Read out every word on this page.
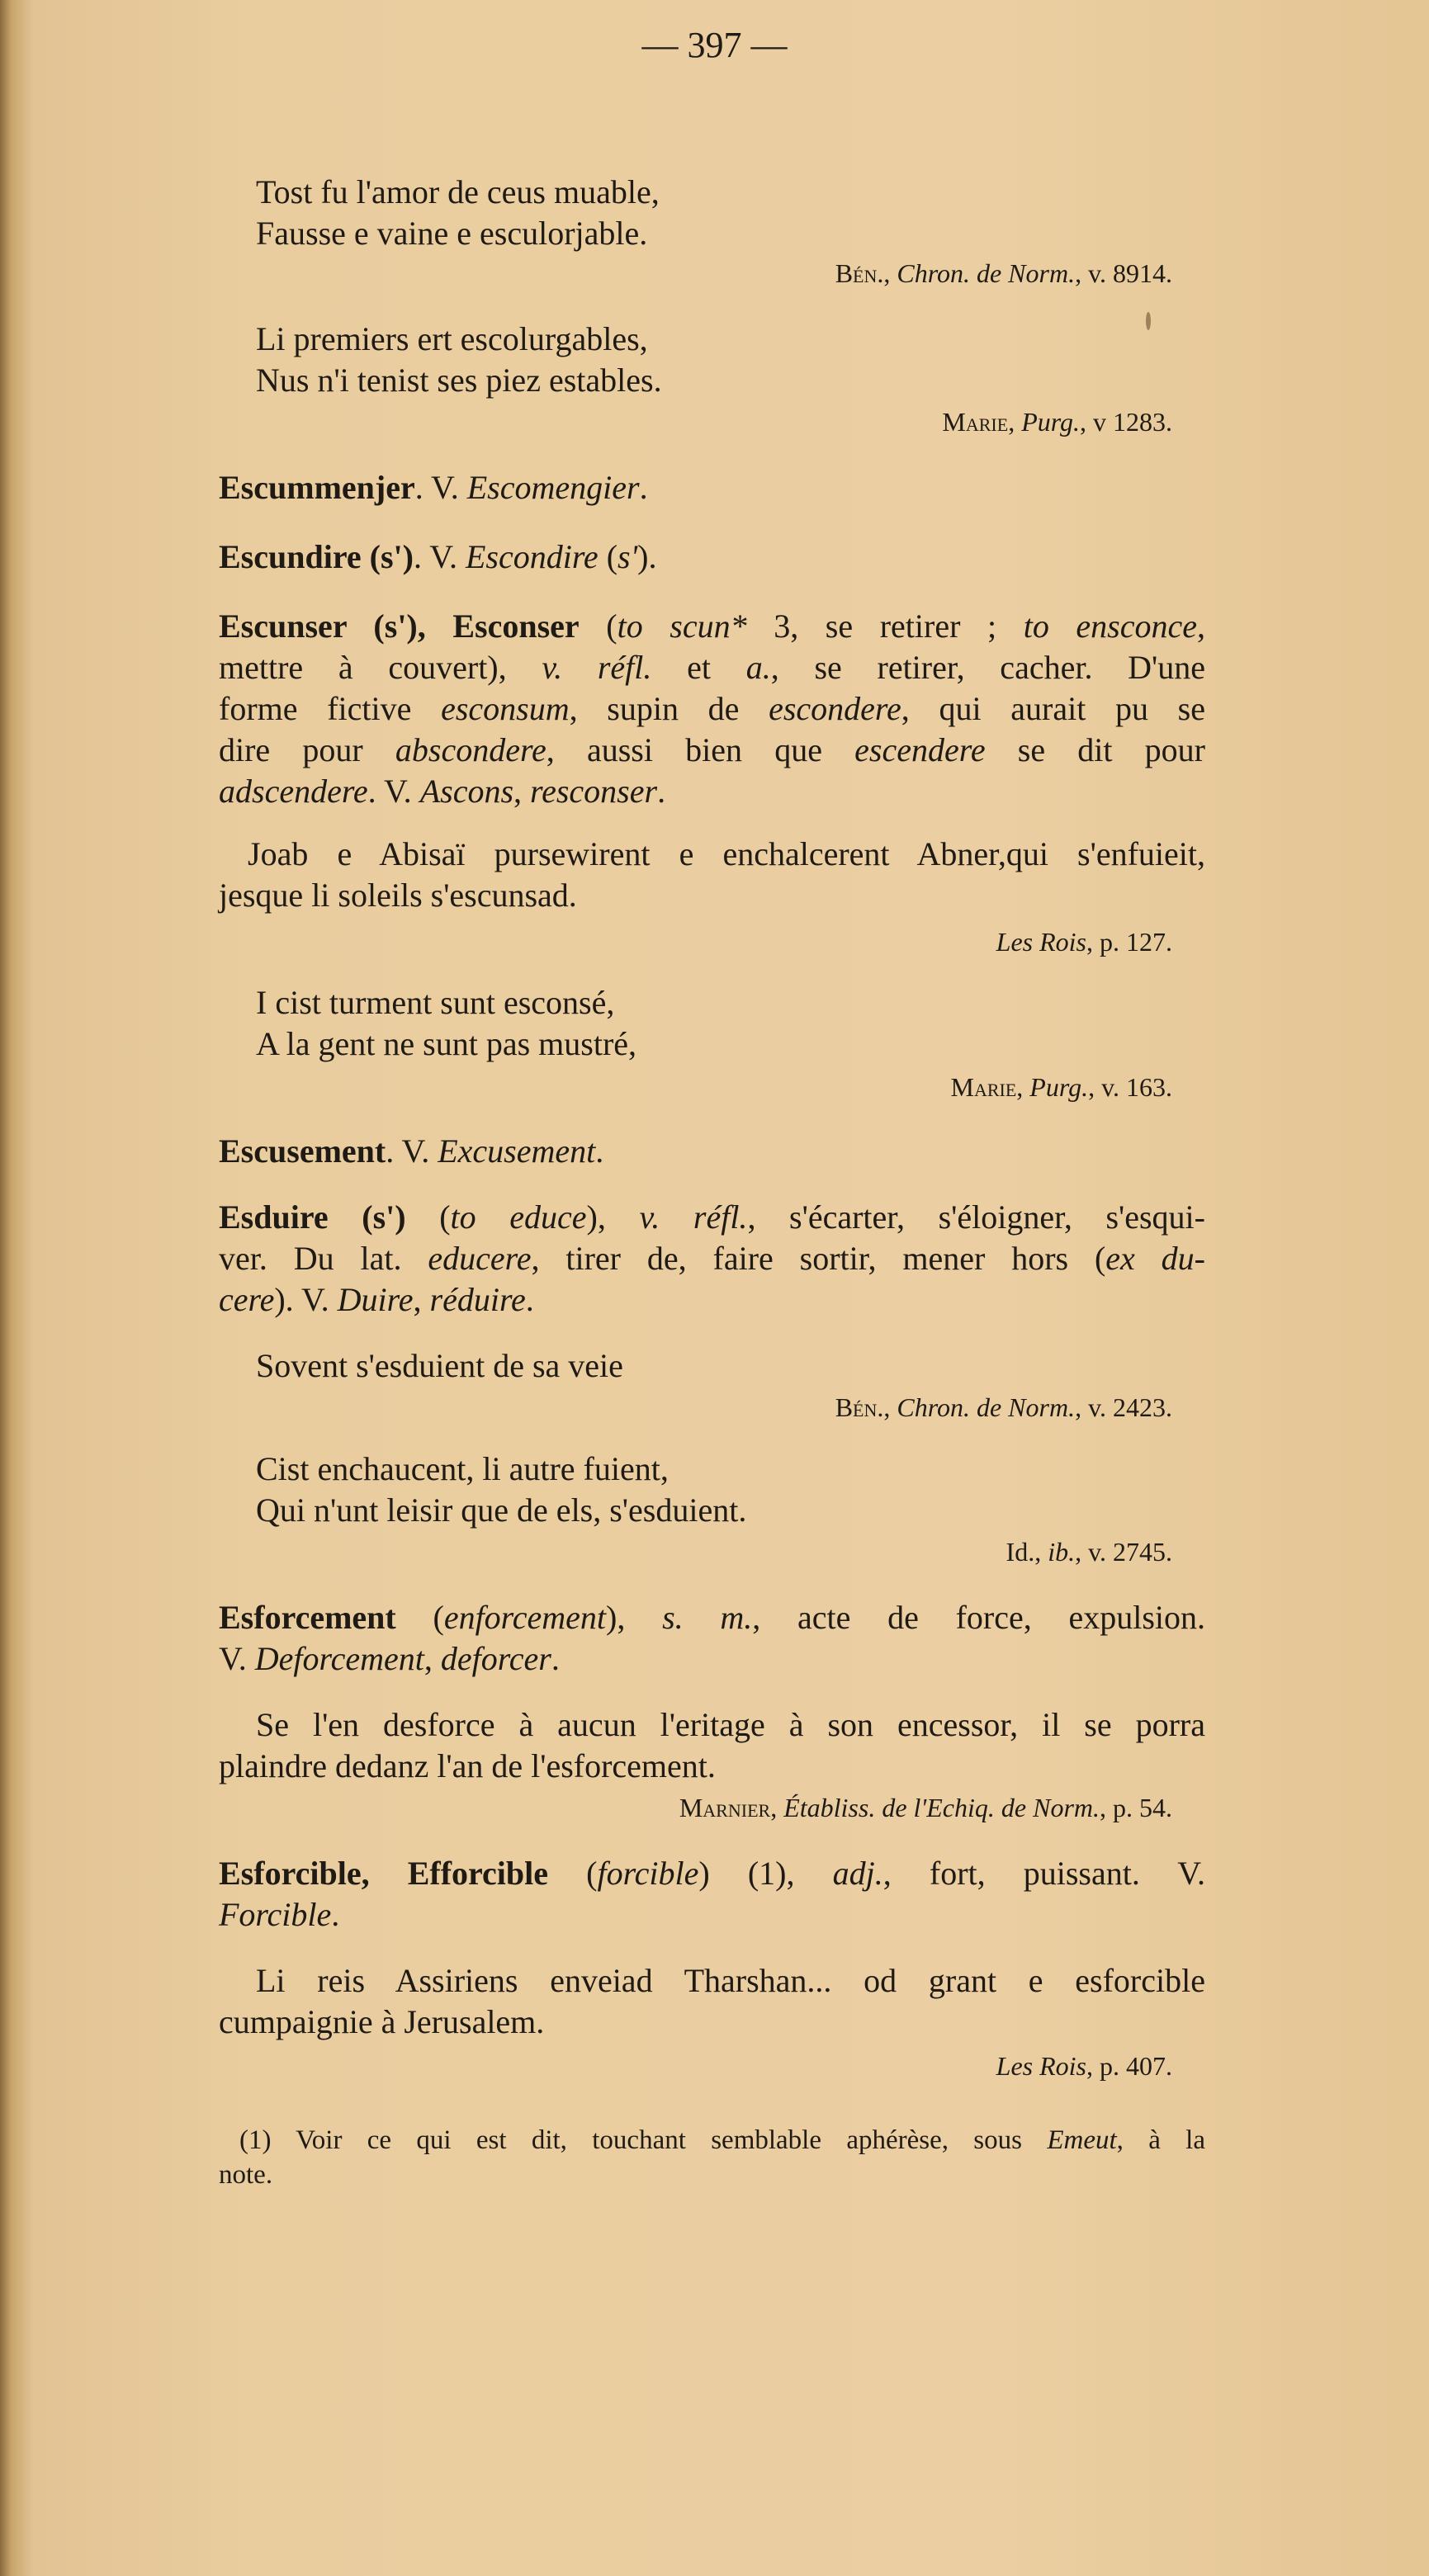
— 397 —
Tost fu l'amor de ceus muable,
Fausse e vaine e esculorjable.
Bén., Chron. de Norm., v. 8914.
Li premiers ert escolurgables,
Nus n'i tenist ses piez estables.
Marie, Purg., v 1283.
Escummenjer. V. Escomengier.
Escundire (s'). V. Escondire (s').
Escunser (s'), Esconser (to scun* 3, se retirer ; to ensconce,
mettre à couvert), v. réfl. et a., se retirer, cacher. D'une
forme fictive esconsum, supin de escondere, qui aurait pu se
dire pour abscondere, aussi bien que escendere se dit pour
adscendere. V. Ascons, resconser.
Joab e Abisaï pursewirent e enchalcerent Abner,qui s'enfuieit,
jesque li soleils s'escunsad.
Les Rois, p. 127.
I cist turment sunt esconsé,
A la gent ne sunt pas mustré,
Marie, Purg., v. 163.
Escusement. V. Excusement.
Esduire (s') (to educe), v. réfl., s'écarter, s'éloigner, s'esqui-
ver. Du lat. educere, tirer de, faire sortir, mener hors (ex du-
cere). V. Duire, réduire.
Sovent s'esduient de sa veie
Bén., Chron. de Norm., v. 2423.
Cist enchaucent, li autre fuient,
Qui n'unt leisir que de els, s'esduient.
Id., ib., v. 2745.
Esforcement (enforcement), s. m., acte de force, expulsion.
V. Deforcement, deforcer.
Se l'en desforce à aucun l'eritage à son encessor, il se porra
plaindre dedanz l'an de l'esforcement.
Marnier, Établiss. de l'Echiq. de Norm., p. 54.
Esforcible, Efforcible (forcible) (1), adj., fort, puissant. V.
Forcible.
Li reis Assiriens enveiad Tharshan... od grant e esforcible
cumpaignie à Jerusalem.
Les Rois, p. 407.
(1) Voir ce qui est dit, touchant semblable aphérèse, sous Emeut, à la
note.
